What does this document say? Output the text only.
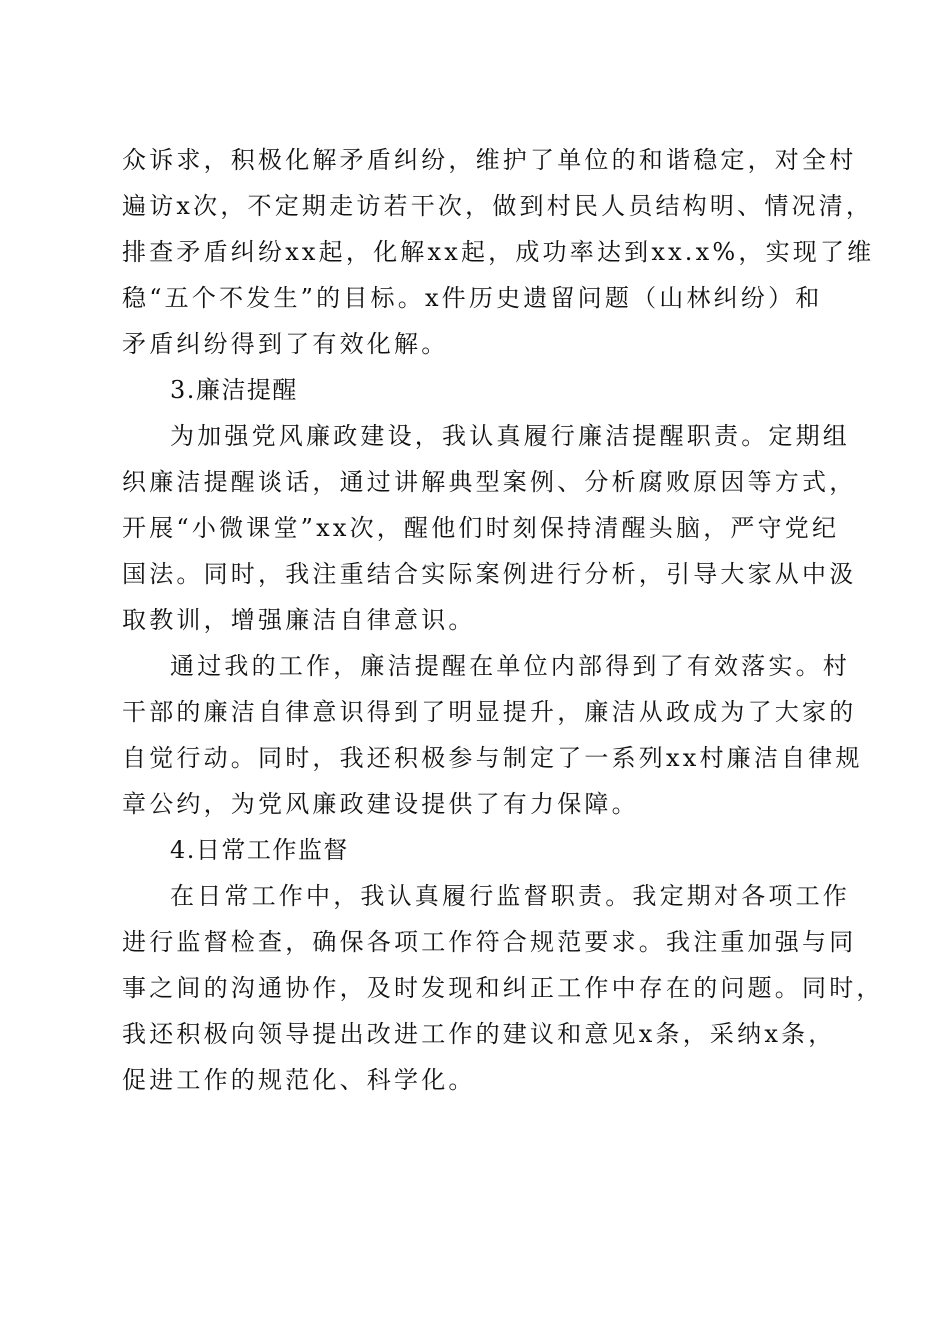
众诉求，积极化解矛盾纠纷，维护了单位的和谐稳定，对全村
遍访x次，不定期走访若干次，做到村民人员结构明、情况清，
排查矛盾纠纷xx起，化解xx起，成功率达到xx.x%，实现了维
稳“五个不发生”的目标。x件历史遗留问题（山林纠纷）和
矛盾纠纷得到了有效化解。
3.廉洁提醒
为加强党风廉政建设，我认真履行廉洁提醒职责。定期组
织廉洁提醒谈话，通过讲解典型案例、分析腐败原因等方式，
开展“小微课堂”xx次，醒他们时刻保持清醒头脑，严守党纪
国法。同时，我注重结合实际案例进行分析，引导大家从中汲
取教训，增强廉洁自律意识。
通过我的工作，廉洁提醒在单位内部得到了有效落实。村
干部的廉洁自律意识得到了明显提升，廉洁从政成为了大家的
自觉行动。同时，我还积极参与制定了一系列xx村廉洁自律规
章公约，为党风廉政建设提供了有力保障。
4.日常工作监督
在日常工作中，我认真履行监督职责。我定期对各项工作
进行监督检查，确保各项工作符合规范要求。我注重加强与同
事之间的沟通协作，及时发现和纠正工作中存在的问题。同时，
我还积极向领导提出改进工作的建议和意见x条，采纳x条，
促进工作的规范化、科学化。
